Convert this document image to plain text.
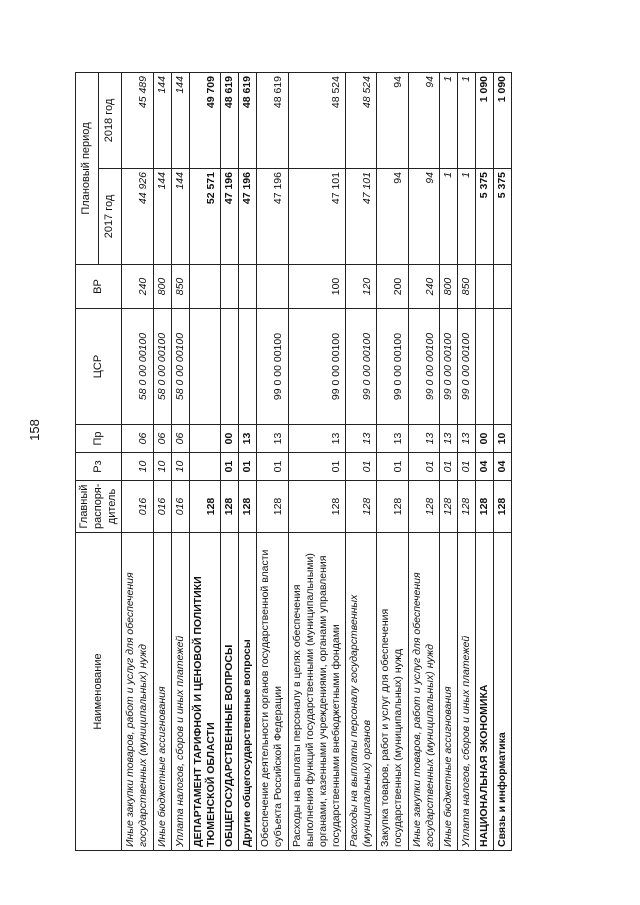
158
Наименование	Главный распоря-дитель	Рз	Пр	ЦСР	ВР	Плановый период	
						2017 год	2018 год
Иные закупки товаров, работ и услуг для обеспечения государственных (муниципальных) нужд	016	10	06	58 0 00 00100	240	44 926	45 489
Иные бюджетные ассигнования	016	10	06	58 0 00 00100	800	144	144
Уплата налогов, сборов и иных платежей	016	10	06	58 0 00 00100	850	144	144
ДЕПАРТАМЕНТ ТАРИФНОЙ И ЦЕНОВОЙ ПОЛИТИКИ ТЮМЕНСКОЙ ОБЛАСТИ	128					52 571	49 709
ОБЩЕГОСУДАРСТВЕННЫЕ ВОПРОСЫ	128	01	00			47 196	48 619
Другие общегосударственные вопросы	128	01	13			47 196	48 619
Обеспечение деятельности органов государственной власти субъекта Российской Федерации	128	01	13	99 0 00 00100		47 196	48 619
Расходы на выплаты персоналу в целях обеспечения выполнения функций государственными (муниципальными) органами, казенными учреждениями, органами управления государственными внебюджетными фондами	128	01	13	99 0 00 00100	100	47 101	48 524
Расходы на выплаты персоналу государственных (муниципальных) органов	128	01	13	99 0 00 00100	120	47 101	48 524
Закупка товаров, работ и услуг для обеспечения государственных (муниципальных) нужд	128	01	13	99 0 00 00100	200	94	94
Иные закупки товаров, работ и услуг для обеспечения государственных (муниципальных) нужд	128	01	13	99 0 00 00100	240	94	94
Иные бюджетные ассигнования	128	01	13	99 0 00 00100	800	1	1
Уплата налогов, сборов и иных платежей	128	01	13	99 0 00 00100	850	1	1
НАЦИОНАЛЬНАЯ ЭКОНОМИКА	128	04	00			5 375	1 090
Связь и информатика	128	04	10			5 375	1 090
